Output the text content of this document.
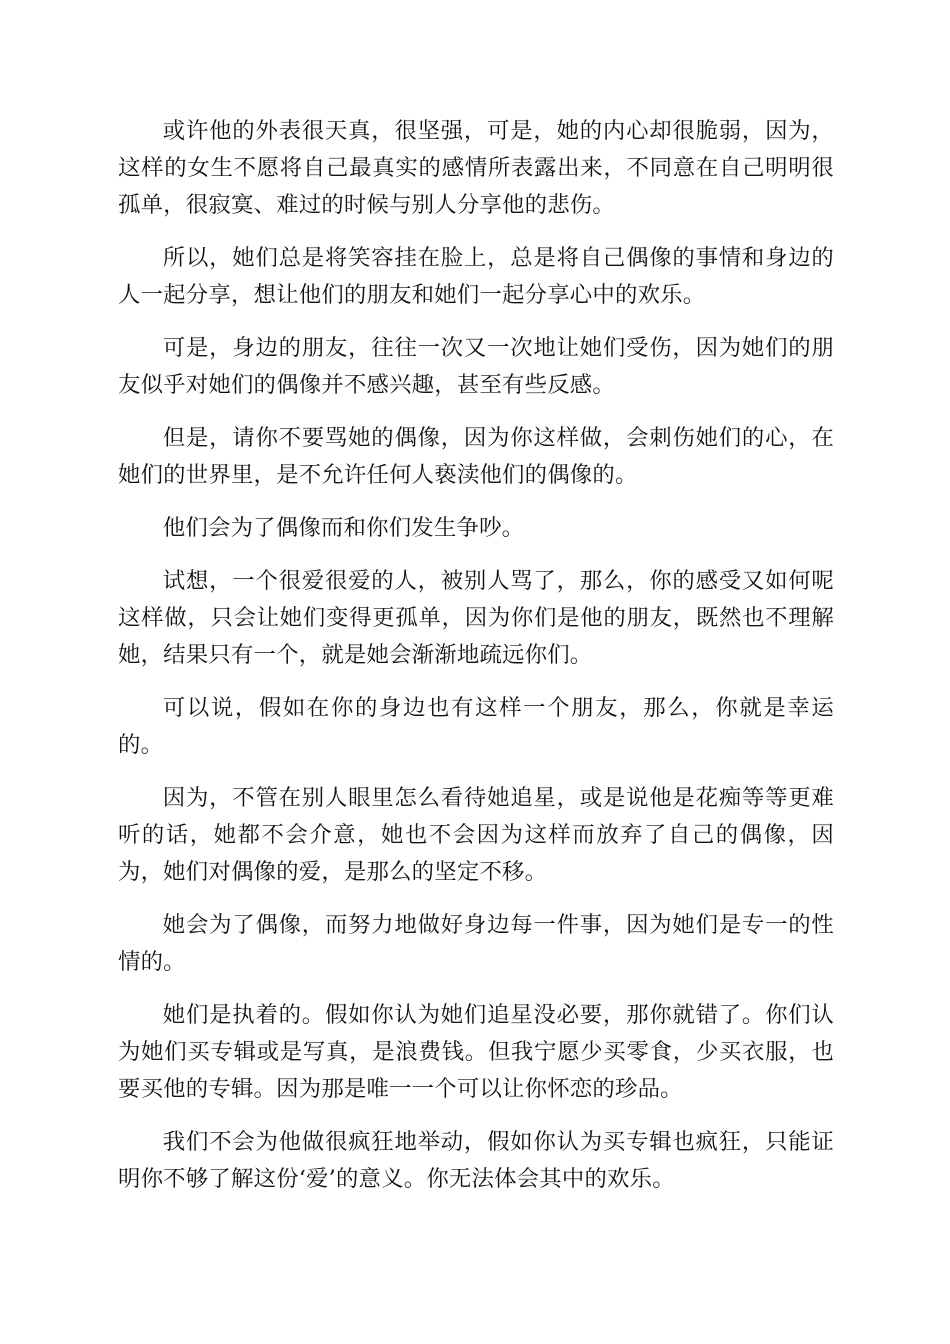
或许他的外表很天真，很坚强，可是，她的内心却很脆弱，因为，这样的女生不愿将自己最真实的感情所表露出来，不同意在自己明明很孤单，很寂寞、难过的时候与别人分享他的悲伤。

所以，她们总是将笑容挂在脸上，总是将自己偶像的事情和身边的人一起分享，想让他们的朋友和她们一起分享心中的欢乐。

可是，身边的朋友，往往一次又一次地让她们受伤，因为她们的朋友似乎对她们的偶像并不感兴趣，甚至有些反感。

但是，请你不要骂她的偶像，因为你这样做，会刺伤她们的心，在她们的世界里，是不允许任何人亵渎他们的偶像的。

他们会为了偶像而和你们发生争吵。

试想，一个很爱很爱的人，被别人骂了，那么，你的感受又如何呢这样做，只会让她们变得更孤单，因为你们是他的朋友，既然也不理解她，结果只有一个，就是她会渐渐地疏远你们。

可以说，假如在你的身边也有这样一个朋友，那么，你就是幸运的。

因为，不管在别人眼里怎么看待她追星，或是说他是花痴等等更难听的话，她都不会介意，她也不会因为这样而放弃了自己的偶像，因为，她们对偶像的爱，是那么的坚定不移。

她会为了偶像，而努力地做好身边每一件事，因为她们是专一的性情的。

她们是执着的。假如你认为她们追星没必要，那你就错了。你们认为她们买专辑或是写真，是浪费钱。但我宁愿少买零食，少买衣服，也要买他的专辑。因为那是唯一一个可以让你怀恋的珍品。

我们不会为他做很疯狂地举动，假如你认为买专辑也疯狂，只能证明你不够了解这份‘爱’的意义。你无法体会其中的欢乐。
